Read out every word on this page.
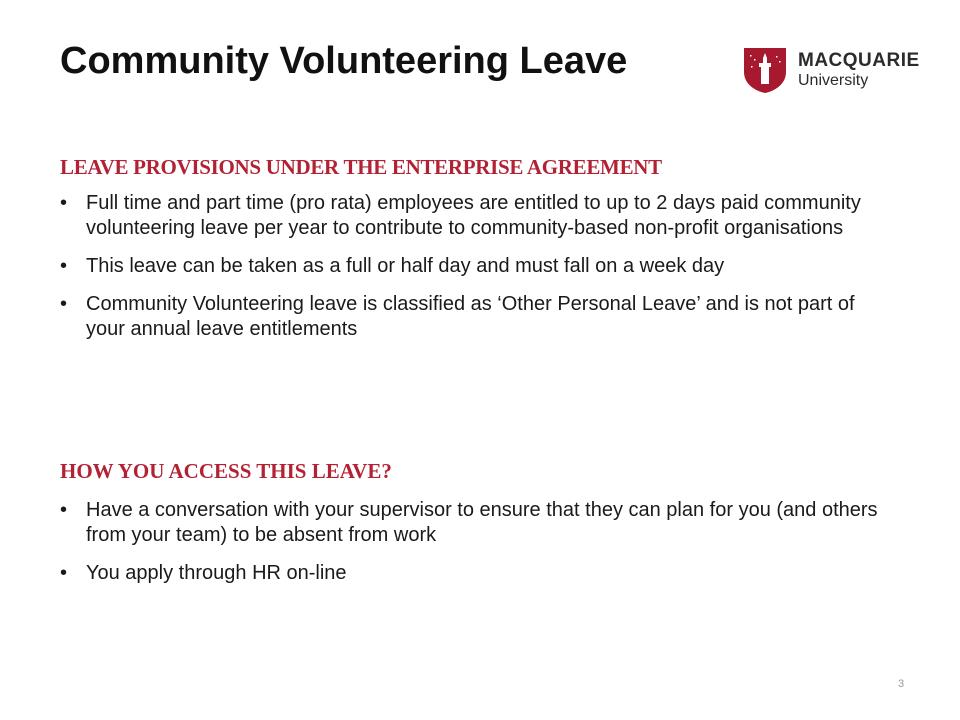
Community Volunteering Leave	MACQUARIE
University
LEAVE PROVISIONS UNDER THE ENTERPRISE AGREEMENT
• Full time and part time (pro rata) employees are entitled to up to 2 days paid community volunteering leave per year to contribute to community-based non-profit organisations
• This leave can be taken as a full or half day and must fall on a week day
• Community Volunteering leave is classified as ‘Other Personal Leave’ and is not part of your annual leave entitlements
HOW YOU ACCESS THIS LEAVE?
• Have a conversation with your supervisor to ensure that they can plan for you (and others from your team) to be absent from work
• You apply through HR on-line
3
